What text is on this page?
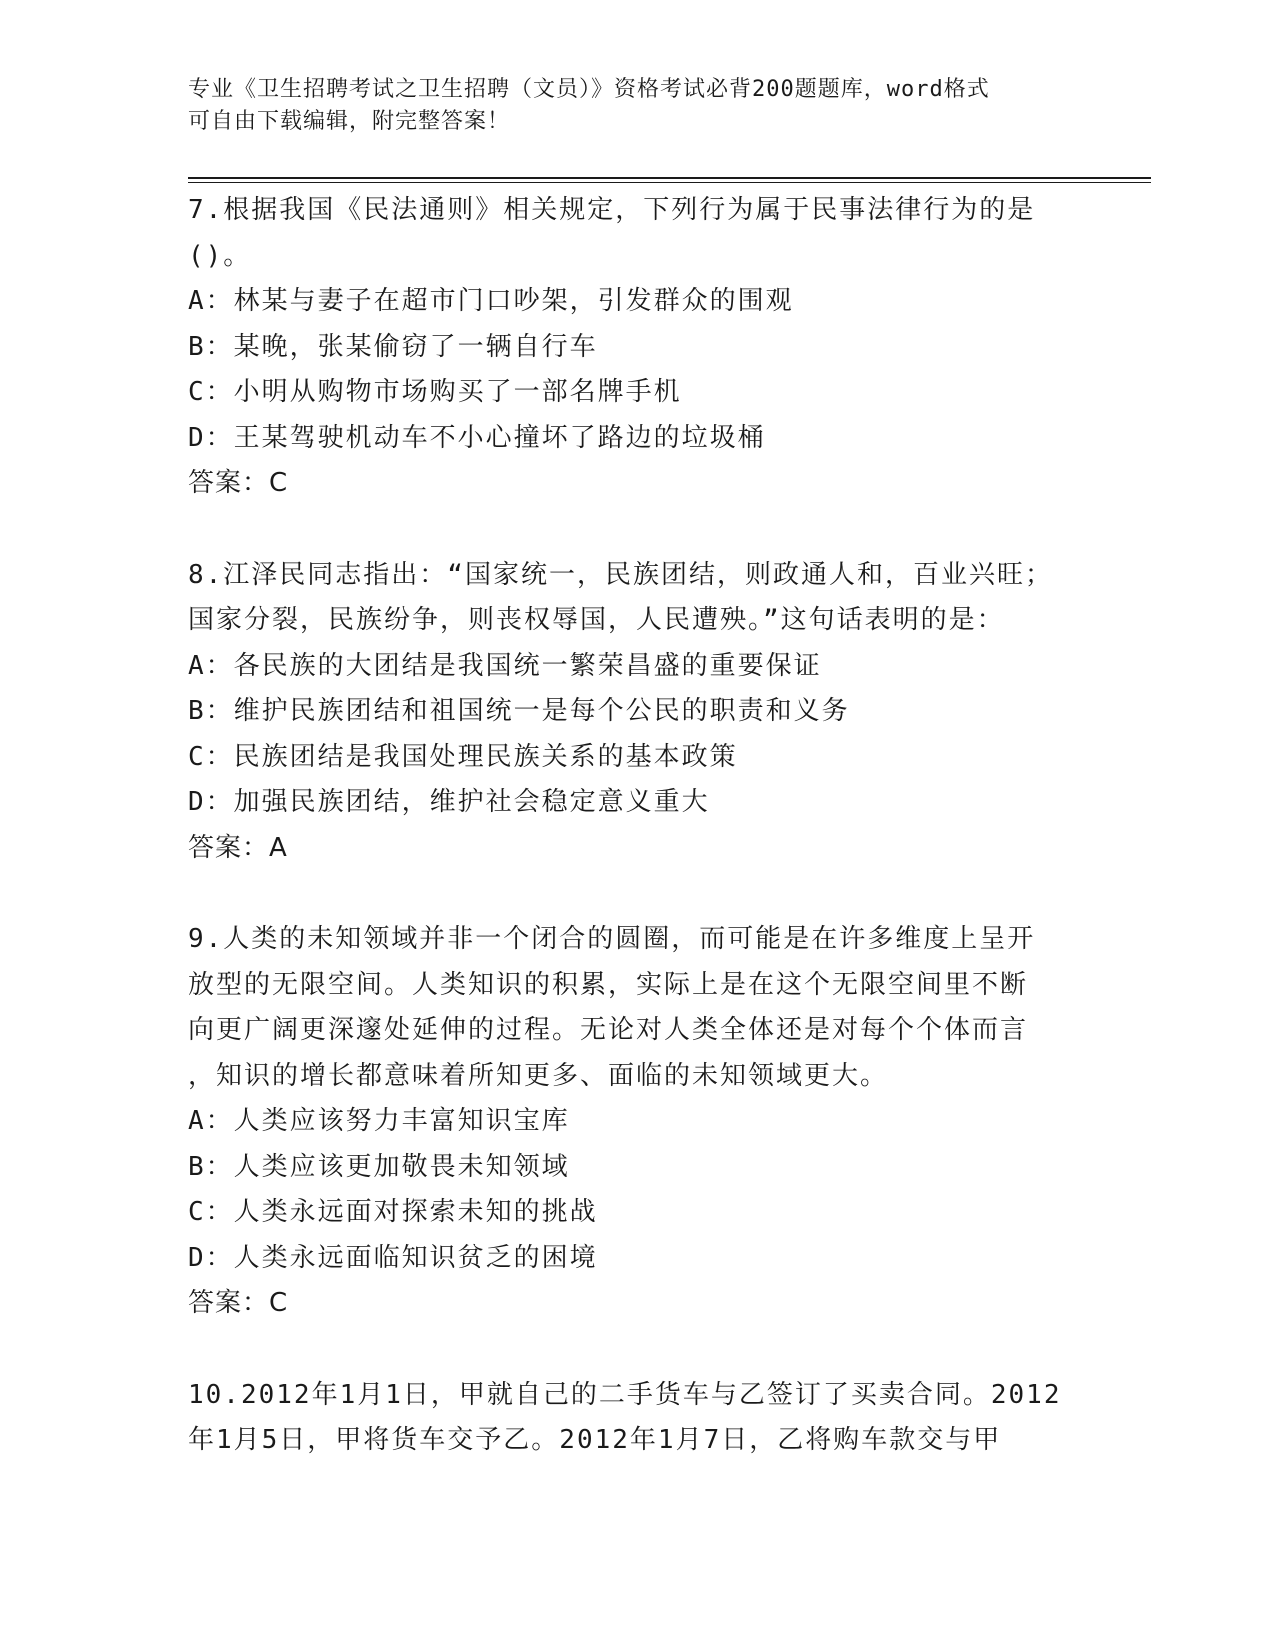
专业《卫生招聘考试之卫生招聘（文员）》资格考试必背200题题库，word格式
可自由下载编辑，附完整答案！
7.根据我国《民法通则》相关规定，下列行为属于民事法律行为的是
()。
A：林某与妻子在超市门口吵架，引发群众的围观
B：某晚，张某偷窃了一辆自行车
C：小明从购物市场购买了一部名牌手机
D：王某驾驶机动车不小心撞坏了路边的垃圾桶
答案：C
8.江泽民同志指出：“国家统一，民族团结，则政通人和，百业兴旺；
国家分裂，民族纷争，则丧权辱国，人民遭殃。”这句话表明的是：
A：各民族的大团结是我国统一繁荣昌盛的重要保证
B：维护民族团结和祖国统一是每个公民的职责和义务
C：民族团结是我国处理民族关系的基本政策
D：加强民族团结，维护社会稳定意义重大
答案：A
9.人类的未知领域并非一个闭合的圆圈，而可能是在许多维度上呈开
放型的无限空间。人类知识的积累，实际上是在这个无限空间里不断
向更广阔更深邃处延伸的过程。无论对人类全体还是对每个个体而言
，知识的增长都意味着所知更多、面临的未知领域更大。
A：人类应该努力丰富知识宝库
B：人类应该更加敬畏未知领域
C：人类永远面对探索未知的挑战
D：人类永远面临知识贫乏的困境
答案：C
10.2012年1月1日，甲就自己的二手货车与乙签订了买卖合同。2012
年1月5日，甲将货车交予乙。2012年1月7日，乙将购车款交与甲
